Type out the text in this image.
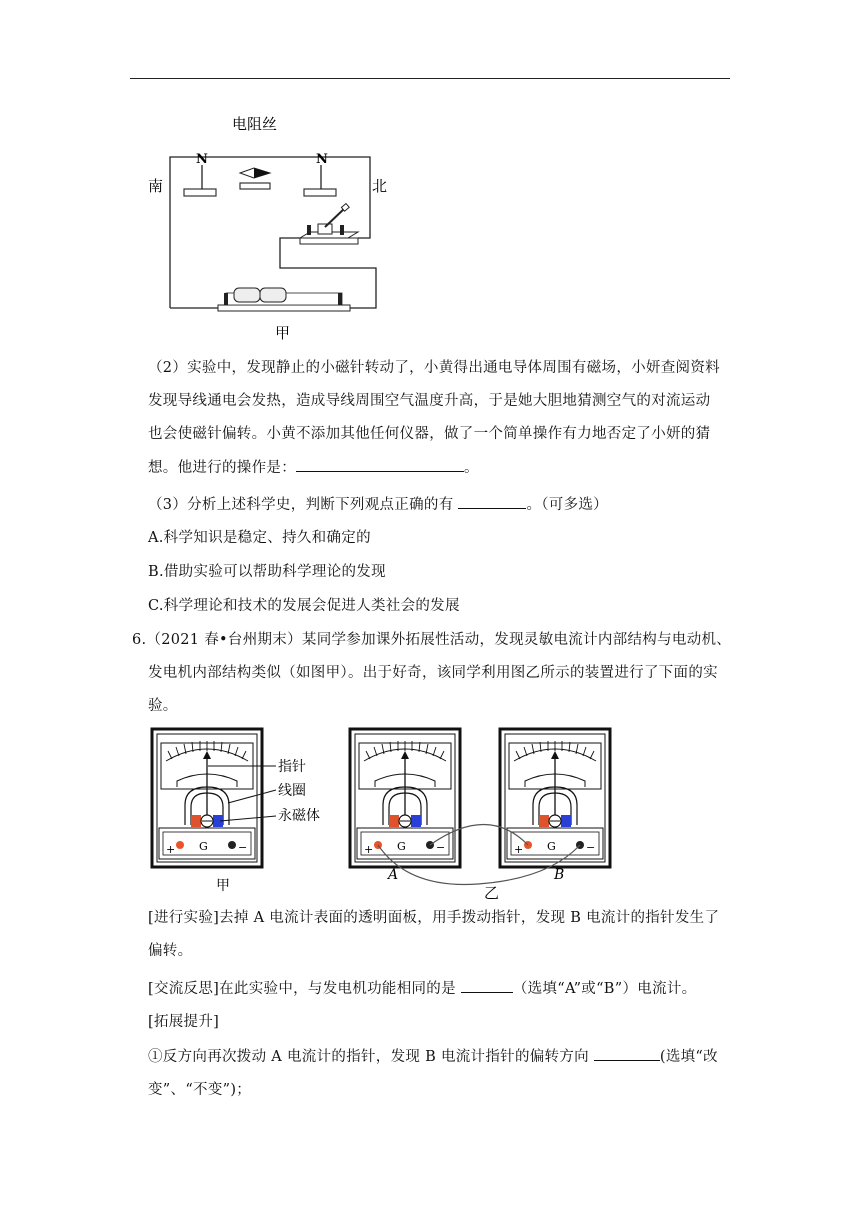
电阻丝
南	北
N	N
甲
（2）实验中，发现静止的小磁针转动了，小黄得出通电导体周围有磁场，小妍查阅资料
发现导线通电会发热，造成导线周围空气温度升高，于是她大胆地猜测空气的对流运动
也会使磁针偏转。小黄不添加其他任何仪器，做了一个简单操作有力地否定了小妍的猜
想。他进行的操作是：	。
（3）分析上述科学史，判断下列观点正确的有	。（可多选）
A.科学知识是稳定、持久和确定的
B.借助实验可以帮助科学理论的发现
C.科学理论和技术的发展会促进人类社会的发展
6.（2021 春•台州期末）某同学参加课外拓展性活动，发现灵敏电流计内部结构与电动机、
发电机内部结构类似（如图甲）。出于好奇，该同学利用图乙所示的装置进行了下面的实
验。
+ G	−
指针
线圈
永磁体
甲
+ G	−	+ G	−
A	B
乙
[进行实验]去掉 A 电流计表面的透明面板，用手拨动指针，发现 B 电流计的指针发生了
偏转。
[交流反思]在此实验中，与发电机功能相同的是	（选填“A”或“B”）电流计。
[拓展提升]
①反方向再次拨动 A 电流计的指针，发现 B 电流计指针的偏转方向	(选填“改
变”、“不变”)；
